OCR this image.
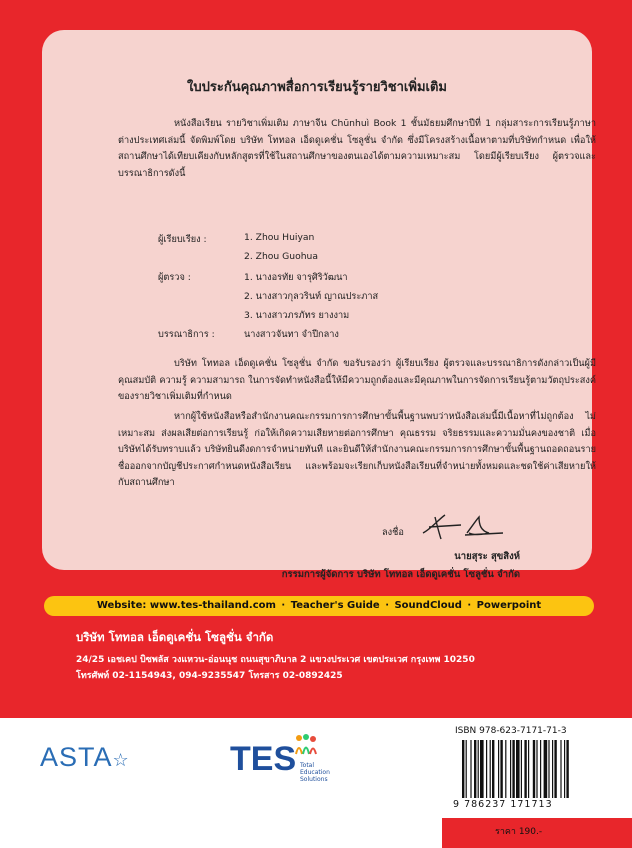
ใบประกันคุณภาพสื่อการเรียนรู้รายวิชาเพิ่มเติม
หนังสือเรียน รายวิชาเพิ่มเติม ภาษาจีน Chūnhuì Book 1 ชั้นมัธยมศึกษาปีที่ 1 กลุ่มสาระการเรียนรู้ภาษาต่างประเทศเล่มนี้ จัดพิมพ์โดย บริษัท โททอล เอ็ดดูเคชั่น โซลูชั่น จำกัด ซึ่งมีโครงสร้างเนื้อหาตามที่บริษัทกำหนด เพื่อให้สถานศึกษาได้เทียบเคียงกับหลักสูตรที่ใช้ในสถานศึกษาของตนเองได้ตามความเหมาะสม โดยมีผู้เรียบเรียง ผู้ตรวจและบรรณาธิการดังนี้
ผู้เรียบเรียง :	1. Zhou Huiyan
2. Zhou Guohua
ผู้ตรวจ :	1. นางอรทัย จารุศิริวัฒนา
2. นางสาวกุลวรินท์ ญาณประภาส
3. นางสาวภรภัทร ยางงาม
บรรณาธิการ :	นางสาวจันทา จำปีกลาง
บริษัท โททอล เอ็ดดูเคชั่น โซลูชั่น จำกัด ขอรับรองว่า ผู้เรียบเรียง ผู้ตรวจและบรรณาธิการดังกล่าวเป็นผู้มีคุณสมบัติ ความรู้ ความสามารถ ในการจัดทำหนังสือนี้ให้มีความถูกต้องและมีคุณภาพในการจัดการเรียนรู้ตามวัตถุประสงค์ของรายวิชาเพิ่มเติมที่กำหนด
หากผู้ใช้หนังสือหรือสำนักงานคณะกรรมการการศึกษาขั้นพื้นฐานพบว่าหนังสือเล่มนี้มีเนื้อหาที่ไม่ถูกต้อง ไม่เหมาะสม ส่งผลเสียต่อการเรียนรู้ ก่อให้เกิดความเสียหายต่อการศึกษา คุณธรรม จริยธรรมและความมั่นคงของชาติ เมื่อบริษัทได้รับทราบแล้ว บริษัทยินดีงดการจำหน่ายทันที และยินดีให้สำนักงานคณะกรรมการการศึกษาขั้นพื้นฐานถอดถอนรายชื่อออกจากบัญชีประกาศกำหนดหนังสือเรียน และพร้อมจะเรียกเก็บหนังสือเรียนที่จำหน่ายทั้งหมดและชดใช้ค่าเสียหายให้กับสถานศึกษา
ลงชื่อ
นายสุระ สุขสิงห์
กรรมการผู้จัดการ บริษัท โททอล เอ็ดดูเคชั่น โซลูชั่น จำกัด
Website: www.tes-thailand.com · Teacher's Guide · SoundCloud · Powerpoint
บริษัท โททอล เอ็ดดูเคชั่น โซลูชั่น จำกัด
24/25 เอชเคป บิซพลัส วงแหวน-อ่อนนุช ถนนสุขาภิบาล 2 แขวงประเวศ เขตประเวศ กรุงเทพ 10250
โทรศัพท์ 02-1154943, 094-9235547 โทรสาร 02-0892425
ASTA☆	TES Total Education Solutions
ISBN 978-623-7171-71-3
9 786237 171713
ราคา 190.-
